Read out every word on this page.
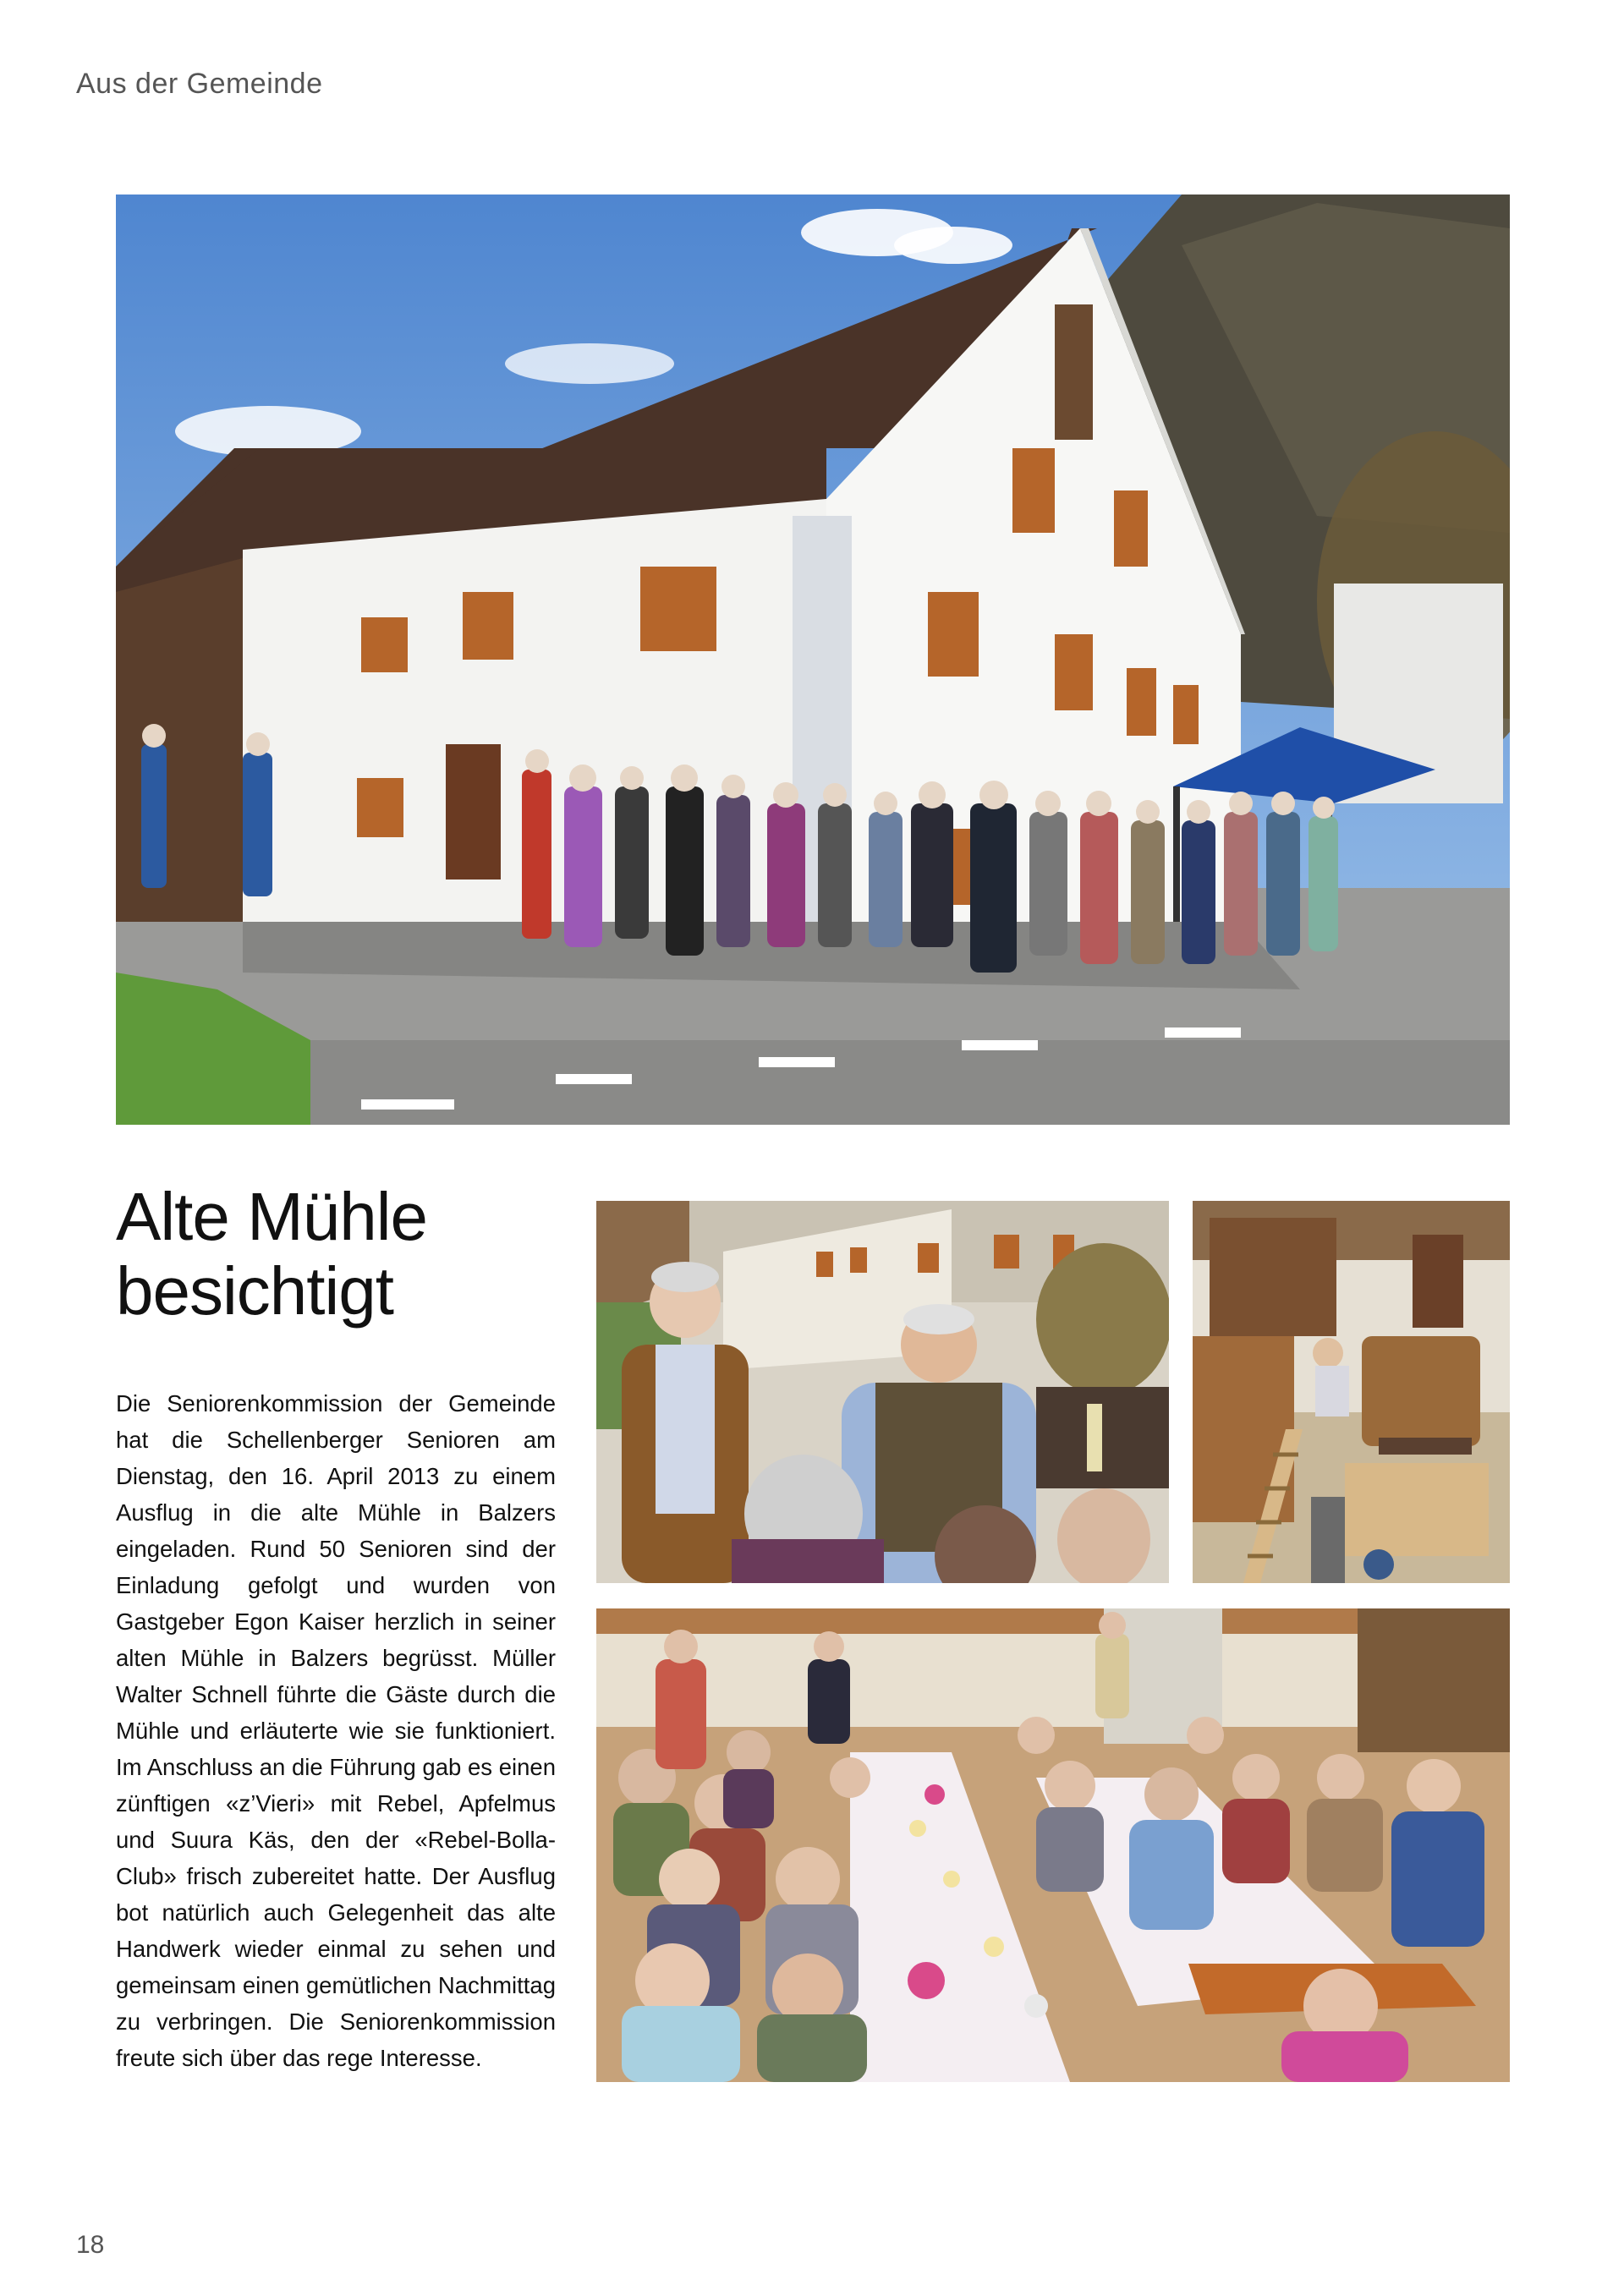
Aus der Gemeinde
Alte Mühle
besichtigt

Die Seniorenkommission der Gemeinde hat die Schellenberger Senioren am Dienstag, den 16. April 2013 zu einem Ausflug in die alte Mühle in Balzers eingeladen. Rund 50 Senioren sind der Einladung gefolgt und wurden von Gastgeber Egon Kaiser herzlich in seiner alten Mühle in Balzers begrüsst. Müller Walter Schnell führte die Gäste durch die Mühle und erläuterte wie sie funktioniert. Im Anschluss an die Führung gab es einen zünftigen «z’Vieri» mit Rebel, Apfelmus und Suura Käs, den der «Rebel-Bolla-Club» frisch zubereitet hatte. Der Ausflug bot natürlich auch Gelegenheit das alte Handwerk wieder einmal zu sehen und gemeinsam einen gemütlichen Nachmittag zu verbringen. Die Seniorenkommission freute sich über das rege Interesse.

18
